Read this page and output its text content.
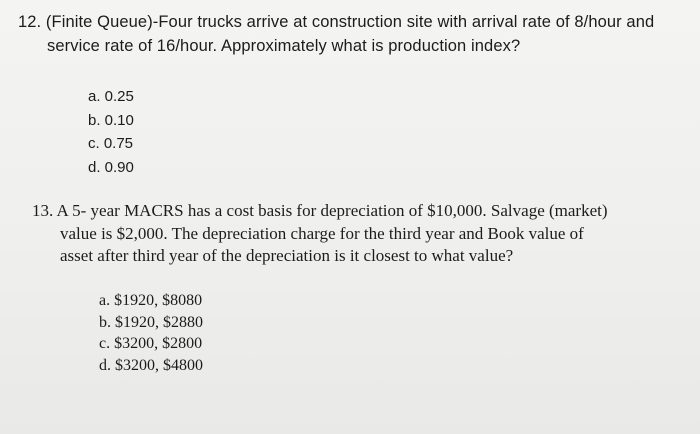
12. (Finite Queue)-Four trucks arrive at construction site with arrival rate of 8/hour and
service rate of 16/hour. Approximately what is production index?
a. 0.25
b. 0.10
c. 0.75
d. 0.90
13. A 5- year MACRS has a cost basis for depreciation of $10,000. Salvage (market)
value is $2,000. The depreciation charge for the third year and Book value of
asset after third year of the depreciation is it closest to what value?
a. $1920, $8080
b. $1920, $2880
c. $3200, $2800
d. $3200, $4800
